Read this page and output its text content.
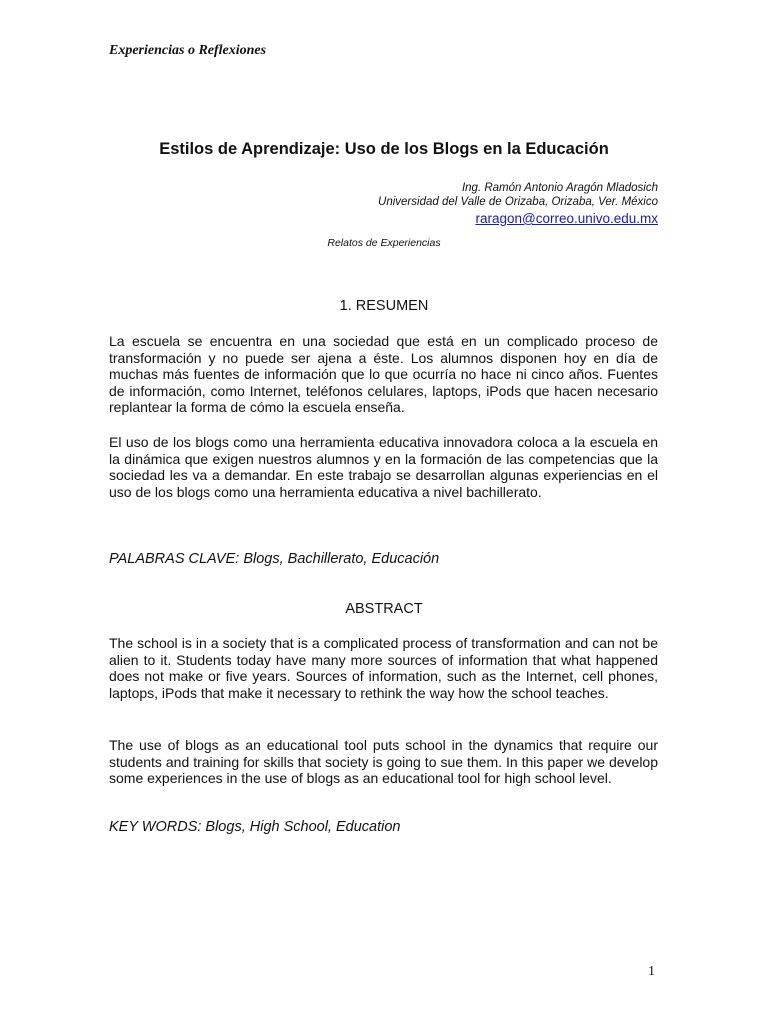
Experiencias o Reflexiones
Estilos de Aprendizaje: Uso de los Blogs en la Educación
Ing. Ramón Antonio Aragón Mladosich
Universidad del Valle de Orizaba, Orizaba, Ver. México
raragon@correo.univo.edu.mx
Relatos de Experiencias
1. RESUMEN

La escuela se encuentra en una sociedad que está en un complicado proceso de transformación y no puede ser ajena a éste. Los alumnos disponen hoy en día de muchas más fuentes de información que lo que ocurría no hace ni cinco años. Fuentes de información, como Internet, teléfonos celulares, laptops, iPods que hacen necesario replantear la forma de cómo la escuela enseña.

El uso de los blogs como una herramienta educativa innovadora coloca a la escuela en la dinámica que exigen nuestros alumnos y en la formación de las competencias que la sociedad les va a demandar. En este trabajo se desarrollan algunas experiencias en el uso de los blogs como una herramienta educativa a nivel bachillerato.

PALABRAS CLAVE: Blogs, Bachillerato, Educación
ABSTRACT

The school is in a society that is a complicated process of transformation and can not be alien to it. Students today have many more sources of information that what happened does not make or five years. Sources of information, such as the Internet, cell phones, laptops, iPods that make it necessary to rethink the way how the school teaches.

The use of blogs as an educational tool puts school in the dynamics that require our students and training for skills that society is going to sue them. In this paper we develop some experiences in the use of blogs as an educational tool for high school level.

KEY WORDS: Blogs, High School, Education
1
